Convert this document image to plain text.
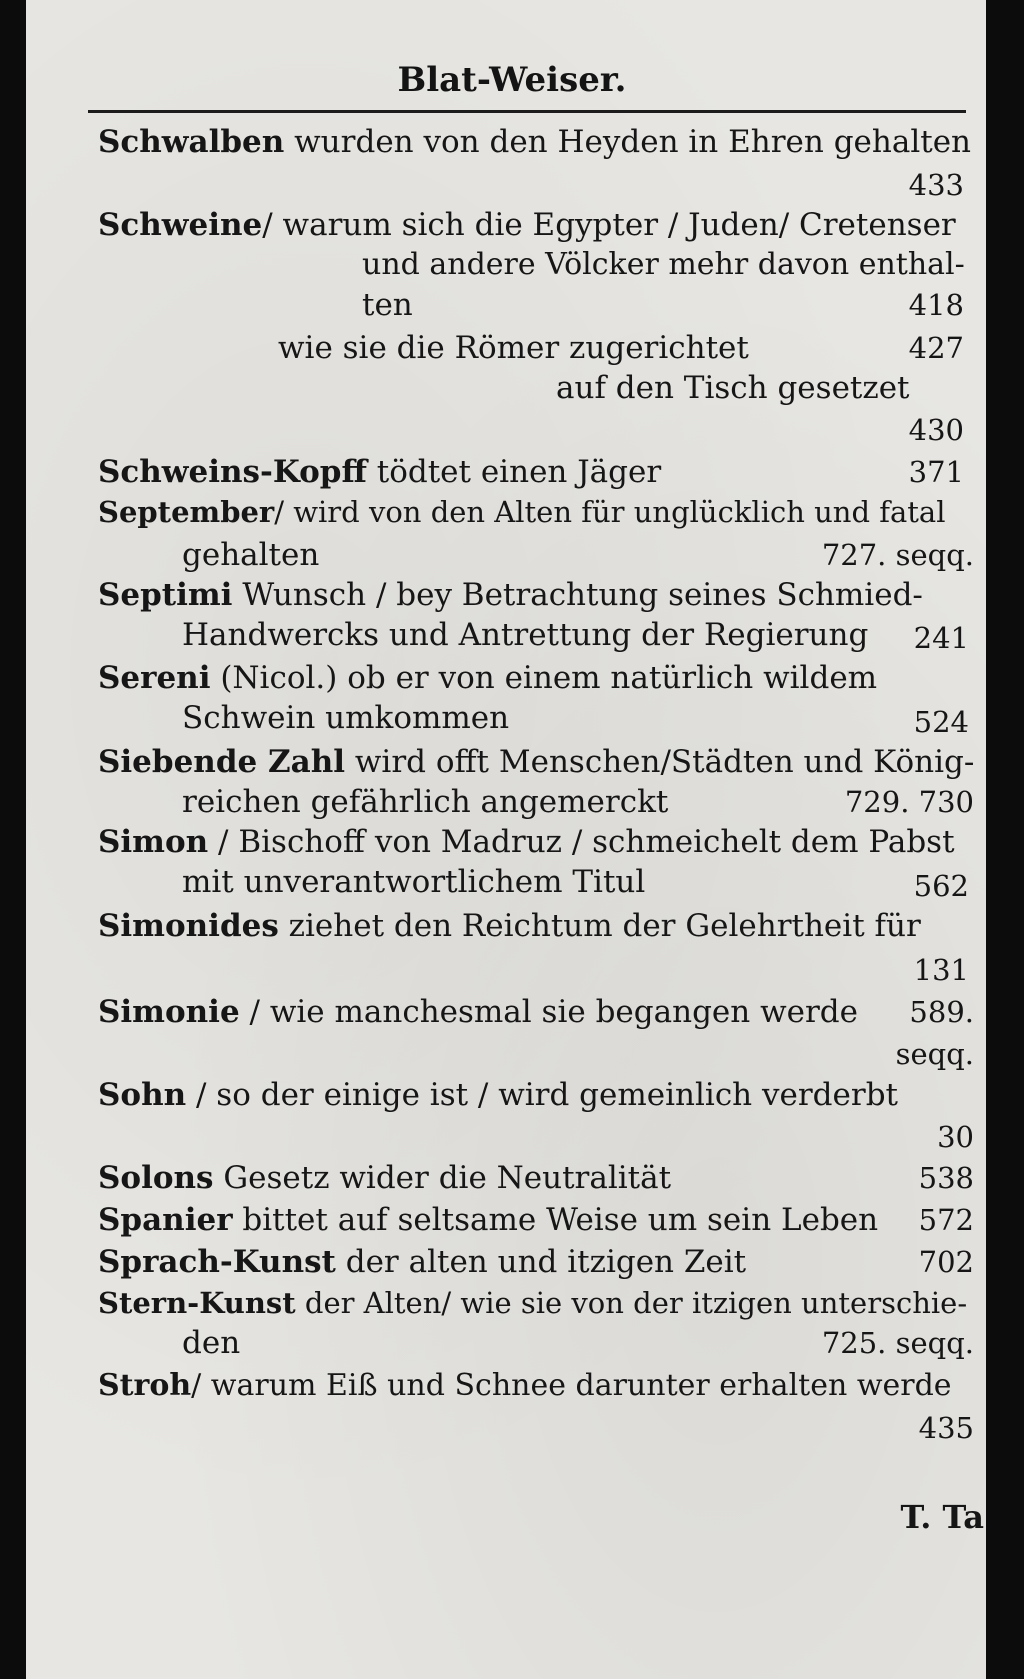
Blat-Weiser.
Schwalben wurden von den Heyden in Ehren gehalten
433
Schweine/ warum sich die Egypter / Juden/ Cretenser
und andere Völcker mehr davon enthal-
ten	418
wie sie die Römer zugerichtet	427
auf den Tisch gesetzet
430
Schweins-Kopff tödtet einen Jäger	371
September/ wird von den Alten für unglücklich und fatal
gehalten	727. seqq.
Septimi Wunsch / bey Betrachtung seines Schmied-
Handwercks und Antrettung der Regierung 241
Sereni (Nicol.) ob er von einem natürlich wildem
Schwein umkommen	524
Siebende Zahl wird offt Menschen/Städten und König-
reichen gefährlich angemerckt	729. 730
Simon / Bischoff von Madruz / schmeichelt dem Pabst
mit unverantwortlichem Titul	562
Simonides ziehet den Reichtum der Gelehrtheit für
131
Simonie / wie manchesmal sie begangen werde 589.
seqq.
Sohn / so der einige ist / wird gemeinlich verderbt
30
Solons Gesetz wider die Neutralität	538
Spanier bittet auf seltsame Weise um sein Leben 572
Sprach-Kunst der alten und itzigen Zeit	702
Stern-Kunst der Alten/ wie sie von der itzigen unterschie-
den	725. seqq.
Stroh/ warum Eiß und Schnee darunter erhalten werde
435
T. Ta
